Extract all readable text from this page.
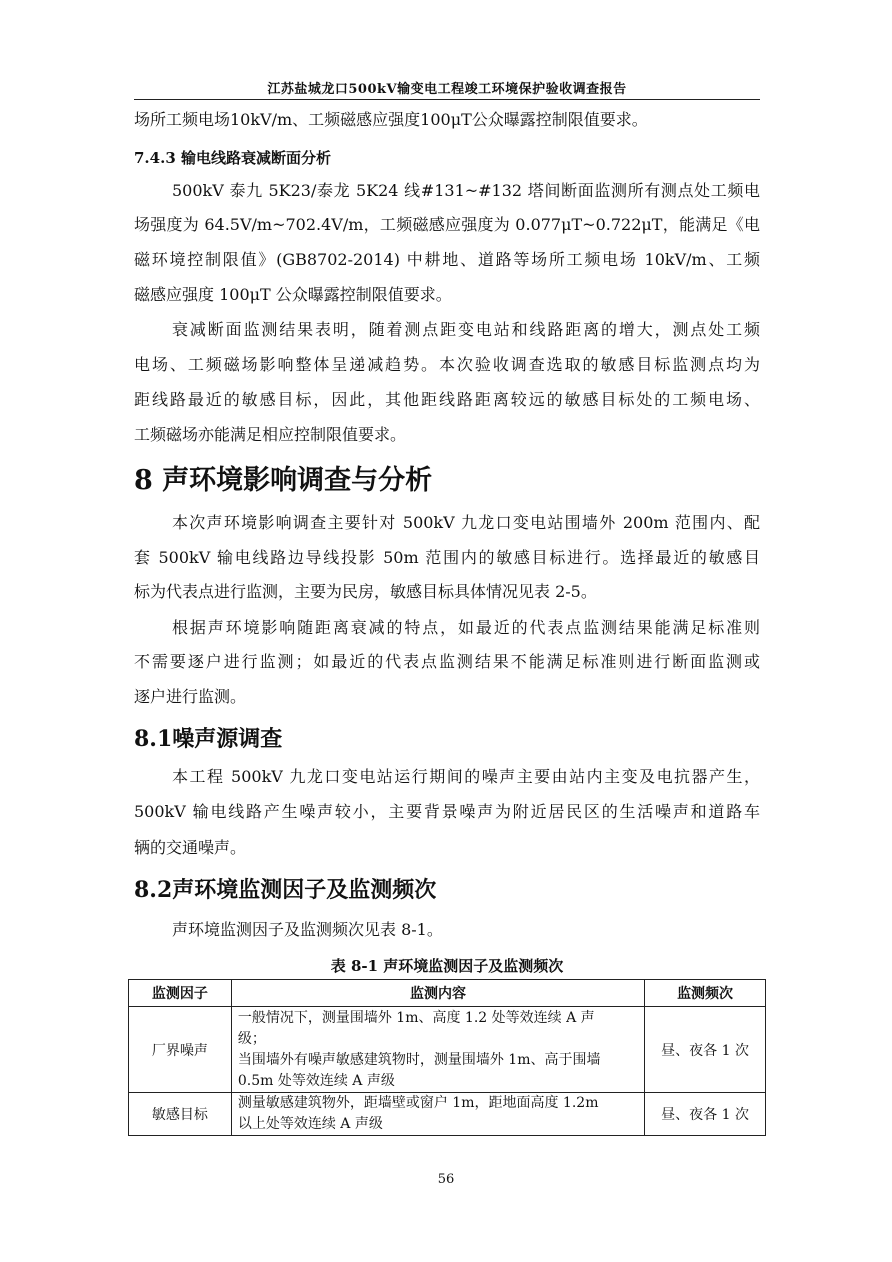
江苏盐城龙口500kV输变电工程竣工环境保护验收调查报告
场所工频电场10kV/m、工频磁感应强度100μT公众曝露控制限值要求。
7.4.3 输电线路衰减断面分析
500kV 泰九 5K23/泰龙 5K24 线#131~#132 塔间断面监测所有测点处工频电
场强度为 64.5V/m~702.4V/m，工频磁感应强度为 0.077μT~0.722μT，能满足《电
磁环境控制限值》(GB8702-2014) 中耕地、道路等场所工频电场 10kV/m、工频
磁感应强度 100μT 公众曝露控制限值要求。
衰减断面监测结果表明，随着测点距变电站和线路距离的增大，测点处工频
电场、工频磁场影响整体呈递减趋势。本次验收调查选取的敏感目标监测点均为
距线路最近的敏感目标，因此，其他距线路距离较远的敏感目标处的工频电场、
工频磁场亦能满足相应控制限值要求。
8 声环境影响调查与分析
本次声环境影响调查主要针对 500kV 九龙口变电站围墙外 200m 范围内、配
套 500kV 输电线路边导线投影 50m 范围内的敏感目标进行。选择最近的敏感目
标为代表点进行监测，主要为民房，敏感目标具体情况见表 2-5。
根据声环境影响随距离衰减的特点，如最近的代表点监测结果能满足标准则
不需要逐户进行监测；如最近的代表点监测结果不能满足标准则进行断面监测或
逐户进行监测。
8.1噪声源调查
本工程 500kV 九龙口变电站运行期间的噪声主要由站内主变及电抗器产生，
500kV 输电线路产生噪声较小，主要背景噪声为附近居民区的生活噪声和道路车
辆的交通噪声。
8.2声环境监测因子及监测频次
声环境监测因子及监测频次见表 8-1。
表 8-1 声环境监测因子及监测频次
监测因子	监测内容	监测频次
厂界噪声	一般情况下，测量围墙外 1m、高度 1.2 处等效连续 A 声
级；
当围墙外有噪声敏感建筑物时，测量围墙外 1m、高于围墙
0.5m 处等效连续 A 声级	昼、夜各 1 次
敏感目标	测量敏感建筑物外，距墙壁或窗户 1m，距地面高度 1.2m
以上处等效连续 A 声级	昼、夜各 1 次
56
